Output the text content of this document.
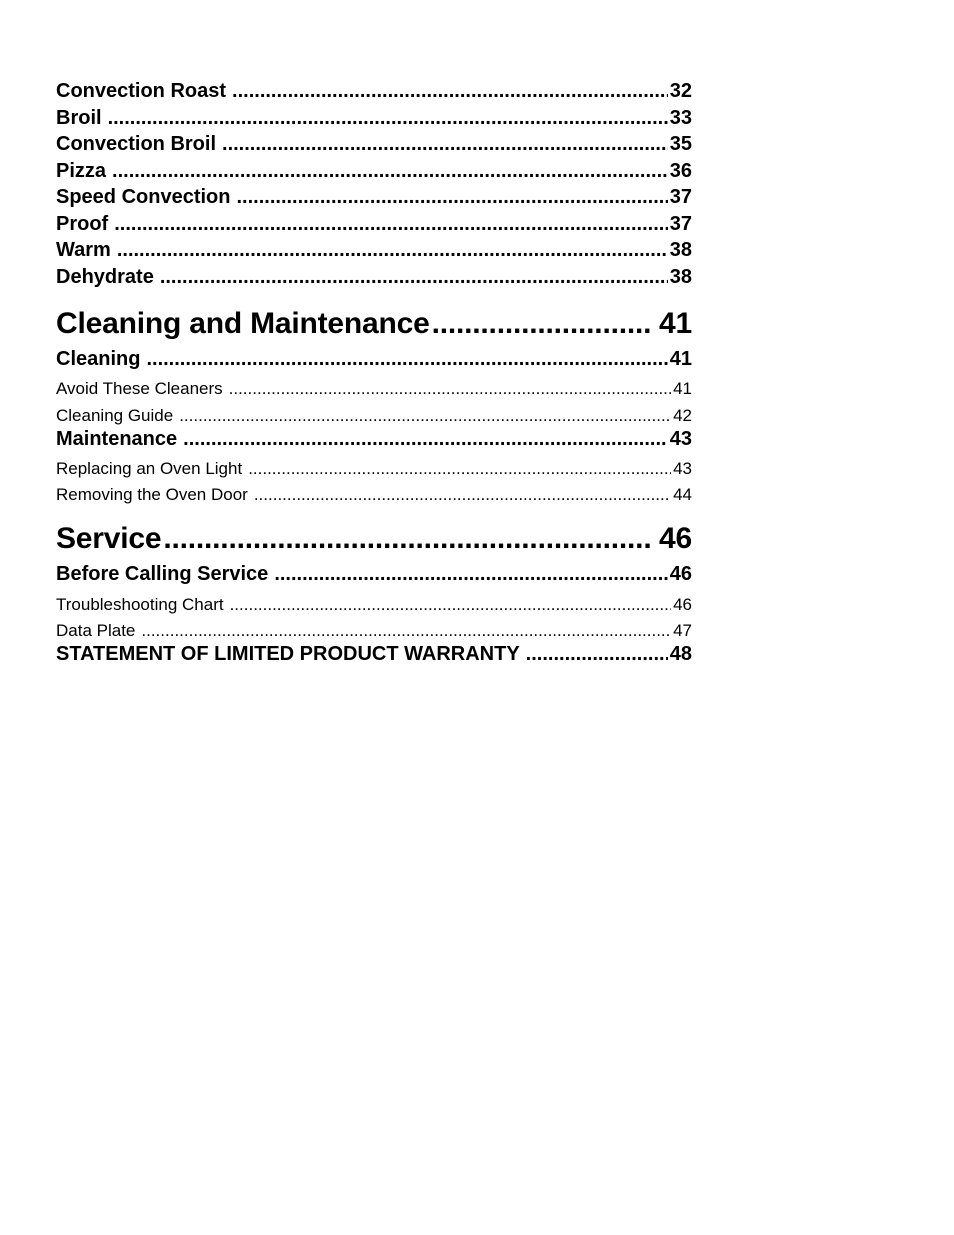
Convection Roast .....	32
Broil .....	33
Convection Broil .....	35
Pizza .....	36
Speed Convection .....	37
Proof .....	37
Warm .....	38
Dehydrate .....	38
Cleaning and Maintenance .....	41
Cleaning .....	41
Avoid These Cleaners .....	41
Cleaning Guide .....	42
Maintenance .....	43
Replacing an Oven Light .....	43
Removing the Oven Door .....	44
Service .....	46
Before Calling Service .....	46
Troubleshooting Chart .....	46
Data Plate .....	47
STATEMENT OF LIMITED PRODUCT WARRANTY .....	48
